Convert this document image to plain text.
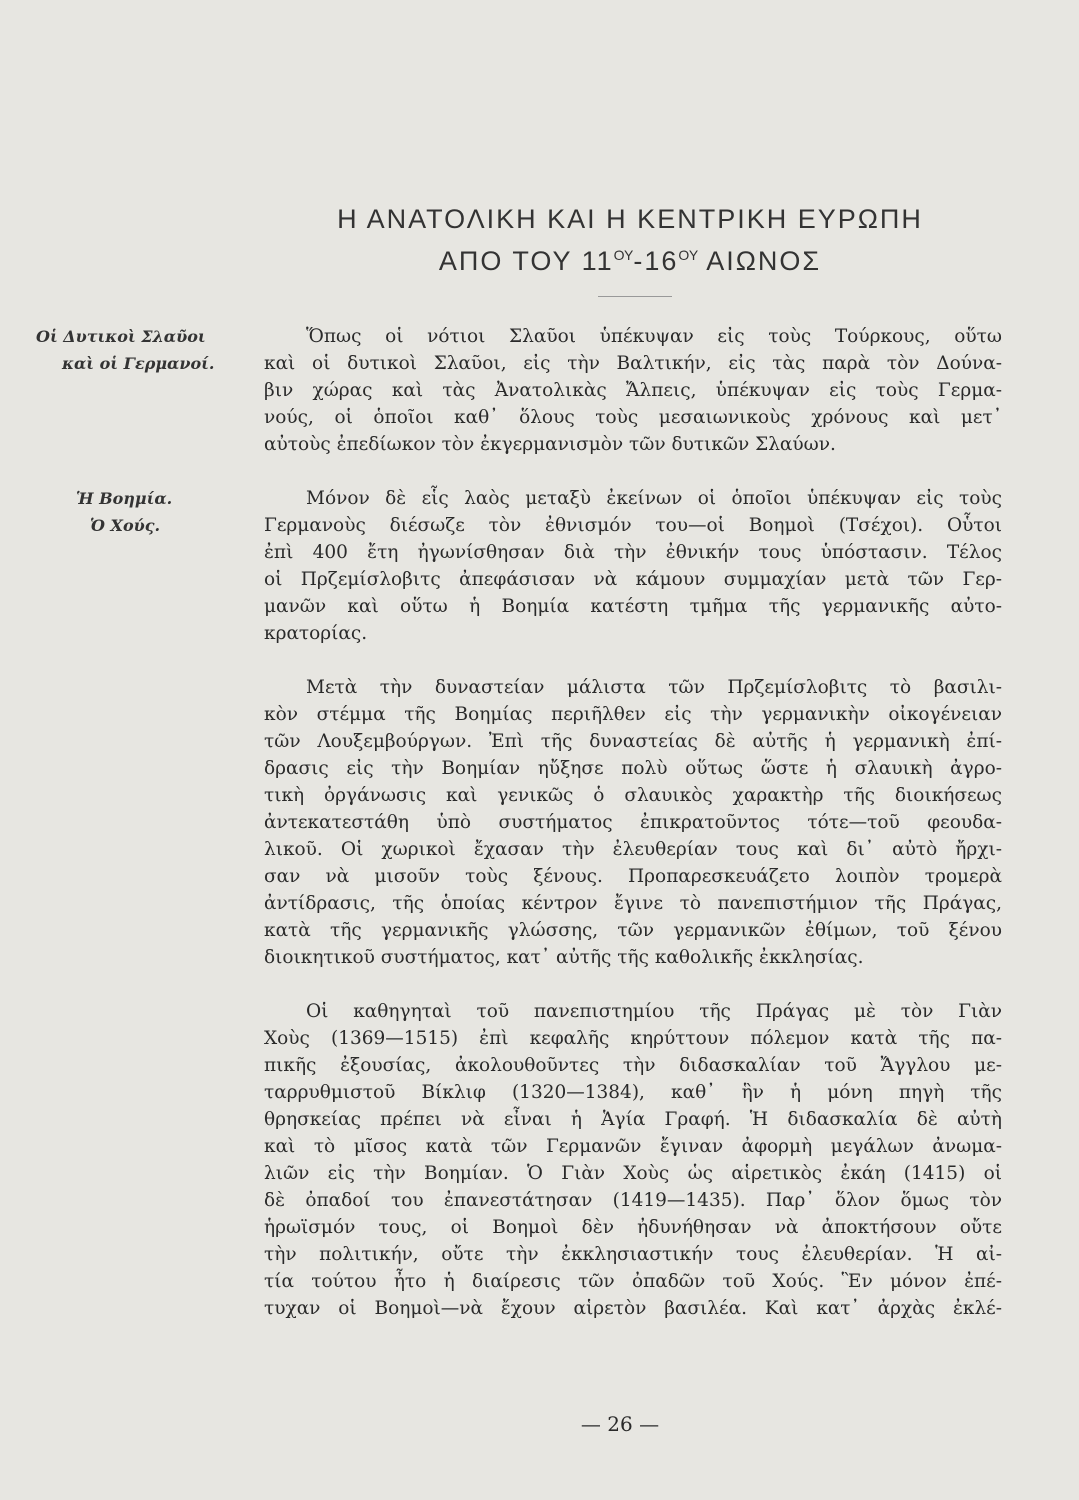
Η ΑΝΑΤΟΛΙΚΗ ΚΑΙ Η ΚΕΝΤΡΙΚΗ ΕΥΡΩΠΗ
ΑΠΟ ΤΟΥ $11^{O\Upsilon}-16^{O\Upsilon}$ ΑΙΩΝΟΣ
Οἱ Δυτικοὶ Σλαῦοι
καὶ οἱ Γερμανοί.
Ἡ Βοημία.
Ὁ Χούς.
Ὅπως οἱ νότιοι Σλαῦοι ὑπέκυψαν εἰς τοὺς Τούρκους, οὕτω
καὶ οἱ δυτικοὶ Σλαῦοι, εἰς τὴν Βαλτικήν, εἰς τὰς παρὰ τὸν Δούνα-
βιν χώρας καὶ τὰς Ἀνατολικὰς Ἄλπεις, ὑπέκυψαν εἰς τοὺς Γερμα-
νούς, οἱ ὁποῖοι καθ᾽ ὅλους τοὺς μεσαιωνικοὺς χρόνους καὶ μετ᾽
αὐτοὺς ἐπεδίωκον τὸν ἐκγερμανισμὸν τῶν δυτικῶν Σλαύων.
Μόνον δὲ εἷς λαὸς μεταξὺ ἐκείνων οἱ ὁποῖοι ὑπέκυψαν εἰς τοὺς
Γερμανοὺς διέσωζε τὸν ἐθνισμόν του—οἱ Βοημοὶ (Τσέχοι). Οὗτοι
ἐπὶ 400 ἔτη ἠγωνίσθησαν διὰ τὴν ἐθνικήν τους ὑπόστασιν. Τέλος
οἱ Πρζεμίσλοβιτς ἀπεφάσισαν νὰ κάμουν συμμαχίαν μετὰ τῶν Γερ-
μανῶν καὶ οὕτω ἡ Βοημία κατέστη τμῆμα τῆς γερμανικῆς αὐτο-
κρατορίας.
Μετὰ τὴν δυναστείαν μάλιστα τῶν Πρζεμίσλοβιτς τὸ βασιλι-
κὸν στέμμα τῆς Βοημίας περιῆλθεν εἰς τὴν γερμανικὴν οἰκογένειαν
τῶν Λουξεμβούργων. Ἐπὶ τῆς δυναστείας δὲ αὐτῆς ἡ γερμανικὴ ἐπί-
δρασις εἰς τὴν Βοημίαν ηὔξησε πολὺ οὕτως ὥστε ἡ σλαυικὴ ἀγρο-
τικὴ ὀργάνωσις καὶ γενικῶς ὁ σλαυικὸς χαρακτὴρ τῆς διοικήσεως
ἀντεκατεστάθη ὑπὸ συστήματος ἐπικρατοῦντος τότε—τοῦ φεουδα-
λικοῦ. Οἱ χωρικοὶ ἔχασαν τὴν ἐλευθερίαν τους καὶ δι᾽ αὐτὸ ἤρχι-
σαν νὰ μισοῦν τοὺς ξένους. Προπαρεσκευάζετο λοιπὸν τρομερὰ
ἀντίδρασις, τῆς ὁποίας κέντρον ἔγινε τὸ πανεπιστήμιον τῆς Πράγας,
κατὰ τῆς γερμανικῆς γλώσσης, τῶν γερμανικῶν ἐθίμων, τοῦ ξένου
διοικητικοῦ συστήματος, κατ᾽ αὐτῆς τῆς καθολικῆς ἐκκλησίας.
Οἱ καθηγηταὶ τοῦ πανεπιστημίου τῆς Πράγας μὲ τὸν Γιὰν
Χοὺς (1369—1515) ἐπὶ κεφαλῆς κηρύττουν πόλεμον κατὰ τῆς πα-
πικῆς ἐξουσίας, ἀκολουθοῦντες τὴν διδασκαλίαν τοῦ Ἄγγλου με-
ταρρυθμιστοῦ Βίκλιφ (1320—1384), καθ᾽ ἣν ἡ μόνη πηγὴ τῆς
θρησκείας πρέπει νὰ εἶναι ἡ Ἁγία Γραφή. Ἡ διδασκαλία δὲ αὐτὴ
καὶ τὸ μῖσος κατὰ τῶν Γερμανῶν ἔγιναν ἀφορμὴ μεγάλων ἀνωμα-
λιῶν εἰς τὴν Βοημίαν. Ὁ Γιὰν Χοὺς ὡς αἱρετικὸς ἐκάη (1415) οἱ
δὲ ὀπαδοί του ἐπανεστάτησαν (1419—1435). Παρ᾽ ὅλον ὅμως τὸν
ἡρωϊσμόν τους, οἱ Βοημοὶ δὲν ἠδυνήθησαν νὰ ἀποκτήσουν οὔτε
τὴν πολιτικήν, οὔτε τὴν ἐκκλησιαστικήν τους ἐλευθερίαν. Ἡ αἰ-
τία τούτου ἦτο ἡ διαίρεσις τῶν ὀπαδῶν τοῦ Χούς. Ἓν μόνον ἐπέ-
τυχαν οἱ Βοημοὶ—νὰ ἔχουν αἱρετὸν βασιλέα. Καὶ κατ᾽ ἀρχὰς ἐκλέ-
— 26 —
